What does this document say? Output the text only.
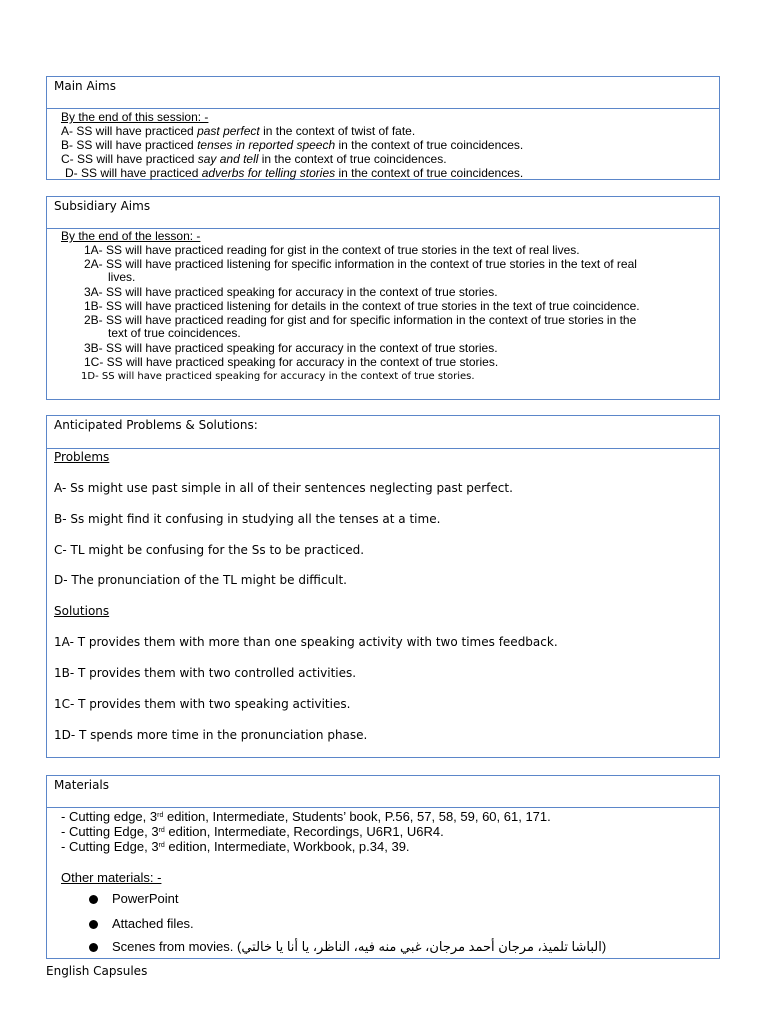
Main Aims
By the end of this session: -
A- SS will have practiced past perfect in the context of twist of fate.
B- SS will have practiced tenses in reported speech in the context of true coincidences.
C- SS will have practiced say and tell in the context of true coincidences.
D- SS will have practiced adverbs for telling stories in the context of true coincidences.
Subsidiary Aims
By the end of the lesson: -
1A- SS will have practiced reading for gist in the context of true stories in the text of real lives.
2A- SS will have practiced listening for specific information in the context of true stories in the text of real
lives.
3A- SS will have practiced speaking for accuracy in the context of true stories.
1B- SS will have practiced listening for details in the context of true stories in the text of true coincidence.
2B- SS will have practiced reading for gist and for specific information in the context of true stories in the
text of true coincidences.
3B- SS will have practiced speaking for accuracy in the context of true stories.
1C- SS will have practiced speaking for accuracy in the context of true stories.
1D- SS will have practiced speaking for accuracy in the context of true stories.
Anticipated Problems & Solutions:
Problems
A- Ss might use past simple in all of their sentences neglecting past perfect.
B- Ss might find it confusing in studying all the tenses at a time.
C- TL might be confusing for the Ss to be practiced.
D- The pronunciation of the TL might be difficult.
Solutions
1A- T provides them with more than one speaking activity with two times feedback.
1B- T provides them with two controlled activities.
1C- T provides them with two speaking activities.
1D- T spends more time in the pronunciation phase.
Materials
- Cutting edge, 3rd edition, Intermediate, Students’ book, P.56, 57, 58, 59, 60, 61, 171.
- Cutting Edge, 3rd edition, Intermediate, Recordings, U6R1, U6R4.
- Cutting Edge, 3rd edition, Intermediate, Workbook, p.34, 39.
Other materials: -
PowerPoint
Attached files.
Scenes from movies. (الباشا تلميذ، مرجان أحمد مرجان، غبي منه فيه، الناظر، يا أنا يا خالتي)
English Capsules
